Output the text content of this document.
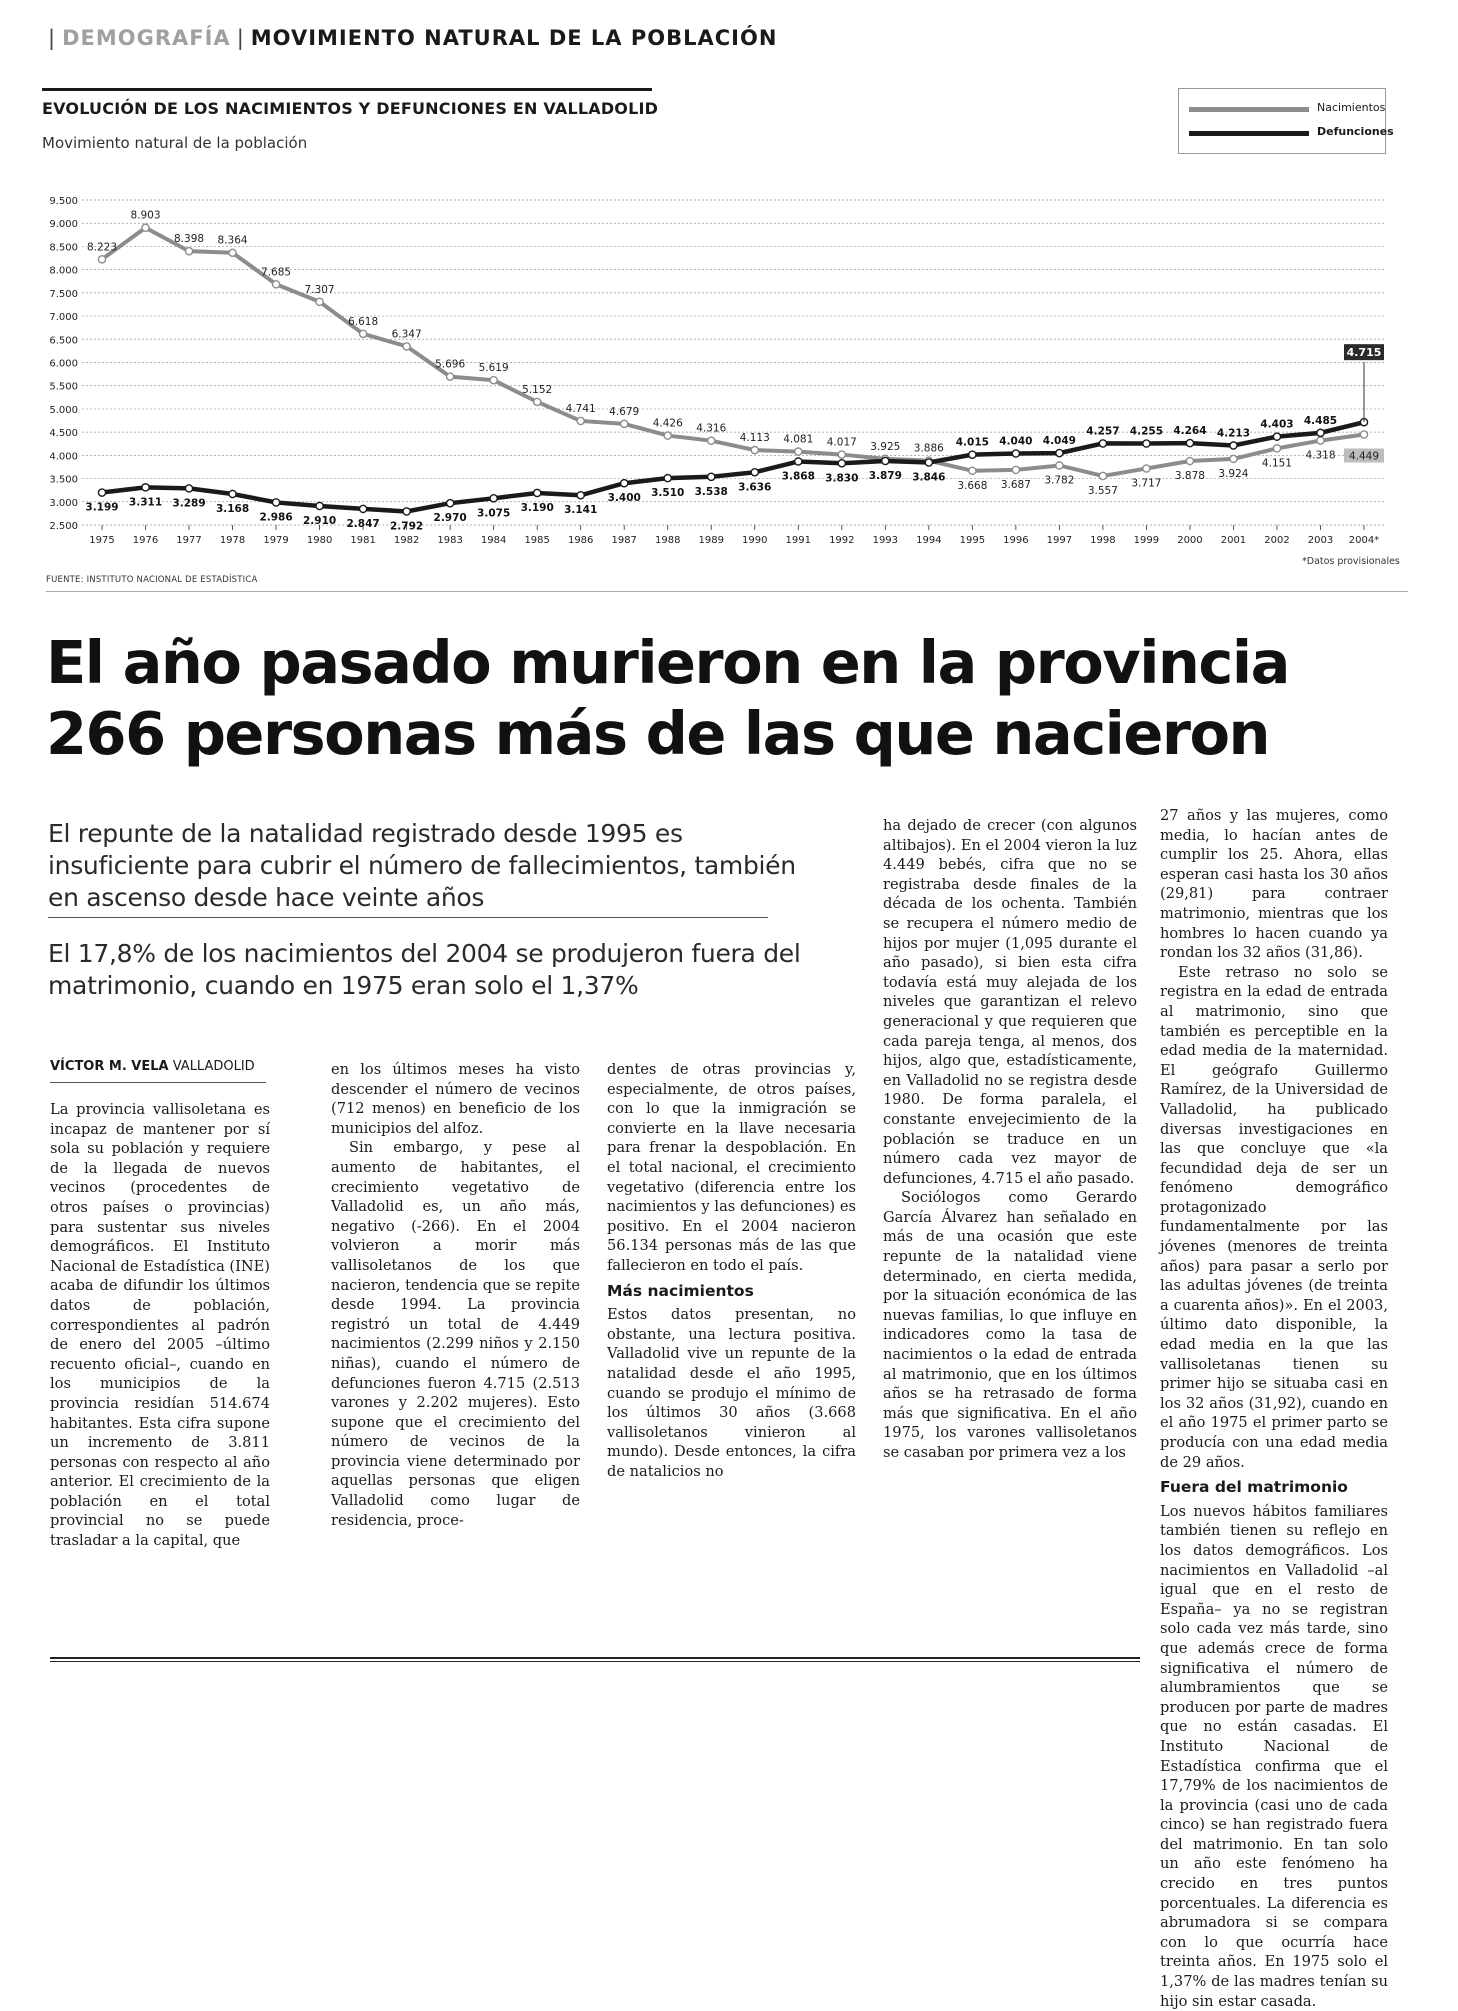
| DEMOGRAFÍA | MOVIMIENTO NATURAL DE LA POBLACIÓN
EVOLUCIÓN DE LOS NACIMIENTOS Y DEFUNCIONES EN VALLADOLID
Movimiento natural de la población
Nacimientos
Defunciones
9.500
9.000
8.500
8.000
7.500
7.000
6.500
6.000
5.500
5.000
4.500
4.000
3.500
3.000
2.500
1975 1976 1977 1978 1979 1980 1981 1982 1983 1984 1985 1986 1987 1988 1989 1990 1991 1992 1993 1994 1995 1996 1997 1998 1999 2000 2001 2002 2003 2004*
8.223
8.903
8.398 8.364
7.685
7.307
6.618
6.347
5.696 5.619
5.152
4.741 4.679
4.426 4.316
4.113 4.081 4.017 3.925 3.886
3.668 3.687 3.782
3.557
3.717
3.878 3.924
4.151
4.318 4.449
3.199 3.311 3.289 3.168
2.986 2.910 2.847 2.792
2.970 3.075 3.190 3.141
3.400 3.510 3.538 3.636
3.868 3.830 3.879 3.846
4.015 4.040 4.049
4.257 4.255 4.264 4.213
4.403 4.485
4.715
FUENTE: INSTITUTO NACIONAL DE ESTADÍSTICA
*Datos provisionales
El año pasado murieron en la provincia 266 personas más de las que nacieron
El repunte de la natalidad registrado desde 1995 es insuficiente para cubrir el número de fallecimientos, también en ascenso desde hace veinte años
El 17,8% de los nacimientos del 2004 se produjeron fuera del matrimonio, cuando en 1975 eran solo el 1,37%
VÍCTOR M. VELA VALLADOLID

La provincia vallisoletana es incapaz de mantener por sí sola su población y requiere de la llegada de nuevos vecinos (procedentes de otros países o provincias) para sustentar sus niveles demográficos. El Instituto Nacional de Estadística (INE) acaba de difundir los últimos datos de población, correspondientes al padrón de enero del 2005 –último recuento oficial–, cuando en los municipios de la provincia residían 514.674 habitantes. Esta cifra supone un incremento de 3.811 personas con respecto al año anterior. El crecimiento de la población en el total provincial no se puede trasladar a la capital, que

en los últimos meses ha visto descender el número de vecinos (712 menos) en beneficio de los municipios del alfoz.

Sin embargo, y pese al aumento de habitantes, el crecimiento vegetativo de Valladolid es, un año más, negativo (-266). En el 2004 volvieron a morir más vallisoletanos de los que nacieron, tendencia que se repite desde 1994. La provincia registró un total de 4.449 nacimientos (2.299 niños y 2.150 niñas), cuando el número de defunciones fueron 4.715 (2.513 varones y 2.202 mujeres). Esto supone que el crecimiento del número de vecinos de la provincia viene determinado por aquellas personas que eligen Valladolid como lugar de residencia, proce-

dentes de otras provincias y, especialmente, de otros países, con lo que la inmigración se convierte en la llave necesaria para frenar la despoblación. En el total nacional, el crecimiento vegetativo (diferencia entre los nacimientos y las defunciones) es positivo. En el 2004 nacieron 56.134 personas más de las que fallecieron en todo el país.

Más nacimientos

Estos datos presentan, no obstante, una lectura positiva. Valladolid vive un repunte de la natalidad desde el año 1995, cuando se produjo el mínimo de los últimos 30 años (3.668 vallisoletanos vinieron al mundo). Desde entonces, la cifra de natalicios no

ha dejado de crecer (con algunos altibajos). En el 2004 vieron la luz 4.449 bebés, cifra que no se registraba desde finales de la década de los ochenta. También se recupera el número medio de hijos por mujer (1,095 durante el año pasado), si bien esta cifra todavía está muy alejada de los niveles que garantizan el relevo generacional y que requieren que cada pareja tenga, al menos, dos hijos, algo que, estadísticamente, en Valladolid no se registra desde 1980. De forma paralela, el constante envejecimiento de la población se traduce en un número cada vez mayor de defunciones, 4.715 el año pasado.

Sociólogos como Gerardo García Álvarez han señalado en más de una ocasión que este repunte de la natalidad viene determinado, en cierta medida, por la situación económica de las nuevas familias, lo que influye en indicadores como la tasa de nacimientos o la edad de entrada al matrimonio, que en los últimos años se ha retrasado de forma más que significativa. En el año 1975, los varones vallisoletanos se casaban por primera vez a los

27 años y las mujeres, como media, lo hacían antes de cumplir los 25. Ahora, ellas esperan casi hasta los 30 años (29,81) para contraer matrimonio, mientras que los hombres lo hacen cuando ya rondan los 32 años (31,86).

Este retraso no solo se registra en la edad de entrada al matrimonio, sino que también es perceptible en la edad media de la maternidad. El geógrafo Guillermo Ramírez, de la Universidad de Valladolid, ha publicado diversas investigaciones en las que concluye que «la fecundidad deja de ser un fenómeno demográfico protagonizado fundamentalmente por las jóvenes (menores de treinta años) para pasar a serlo por las adultas jóvenes (de treinta a cuarenta años)». En el 2003, último dato disponible, la edad media en la que las vallisoletanas tienen su primer hijo se situaba casi en los 32 años (31,92), cuando en el año 1975 el primer parto se producía con una edad media de 29 años.

Fuera del matrimonio

Los nuevos hábitos familiares también tienen su reflejo en los datos demográficos. Los nacimientos en Valladolid –al igual que en el resto de España– ya no se registran solo cada vez más tarde, sino que además crece de forma significativa el número de alumbramientos que se producen por parte de madres que no están casadas. El Instituto Nacional de Estadística confirma que el 17,79% de los nacimientos de la provincia (casi uno de cada cinco) se han registrado fuera del matrimonio. En tan solo un año este fenómeno ha crecido en tres puntos porcentuales. La diferencia es abrumadora si se compara con lo que ocurría hace treinta años. En 1975 solo el 1,37% de las madres tenían su hijo sin estar casada.
